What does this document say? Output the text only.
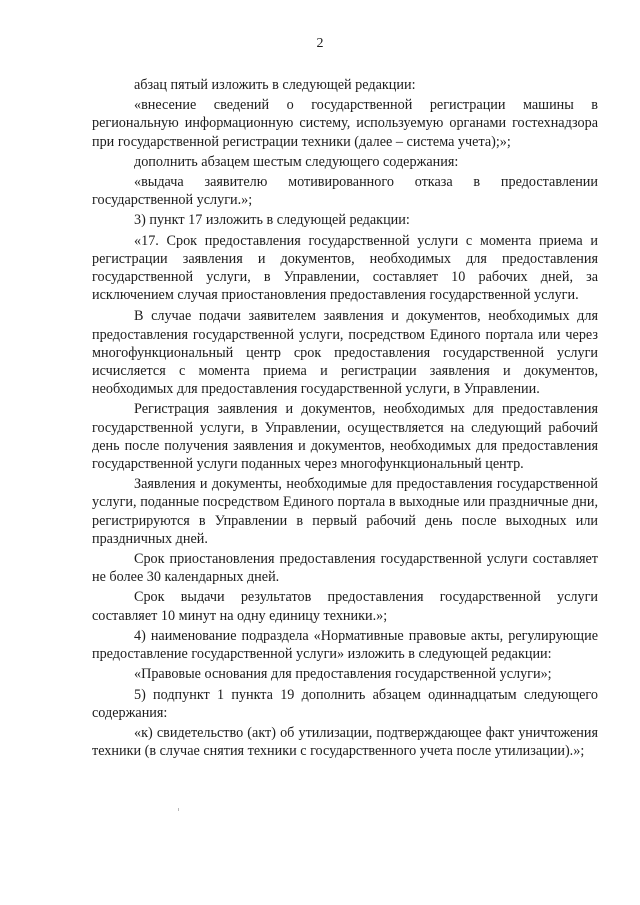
2

абзац пятый изложить в следующей редакции:

«внесение сведений о государственной регистрации машины в региональную информационную систему, используемую органами гостехнадзора при государственной регистрации техники (далее – система учета);»;

дополнить абзацем шестым следующего содержания:

«выдача заявителю мотивированного отказа в предоставлении государственной услуги.»;

3) пункт 17 изложить в следующей редакции:

«17. Срок предоставления государственной услуги с момента приема и регистрации заявления и документов, необходимых для предоставления государственной услуги, в Управлении, составляет 10 рабочих дней, за исключением случая приостановления предоставления государственной услуги.

В случае подачи заявителем заявления и документов, необходимых для предоставления государственной услуги, посредством Единого портала или через многофункциональный центр срок предоставления государственной услуги исчисляется с момента приема и регистрации заявления и документов, необходимых для предоставления государственной услуги, в Управлении.

Регистрация заявления и документов, необходимых для предоставления государственной услуги, в Управлении, осуществляется на следующий рабочий день после получения заявления и документов, необходимых для предоставления государственной услуги поданных через многофункциональный центр.

Заявления и документы, необходимые для предоставления государственной услуги, поданные посредством Единого портала в выходные или праздничные дни, регистрируются в Управлении в первый рабочий день после выходных или праздничных дней.

Срок приостановления предоставления государственной услуги составляет не более 30 календарных дней.

Срок выдачи результатов предоставления государственной услуги составляет 10 минут на одну единицу техники.»;

4) наименование подраздела «Нормативные правовые акты, регулирующие предоставление государственной услуги» изложить в следующей редакции:

«Правовые основания для предоставления государственной услуги»;

5) подпункт 1 пункта 19 дополнить абзацем одиннадцатым следующего содержания:

«к) свидетельство (акт) об утилизации, подтверждающее факт уничтожения техники (в случае снятия техники с государственного учета после утилизации).»;
